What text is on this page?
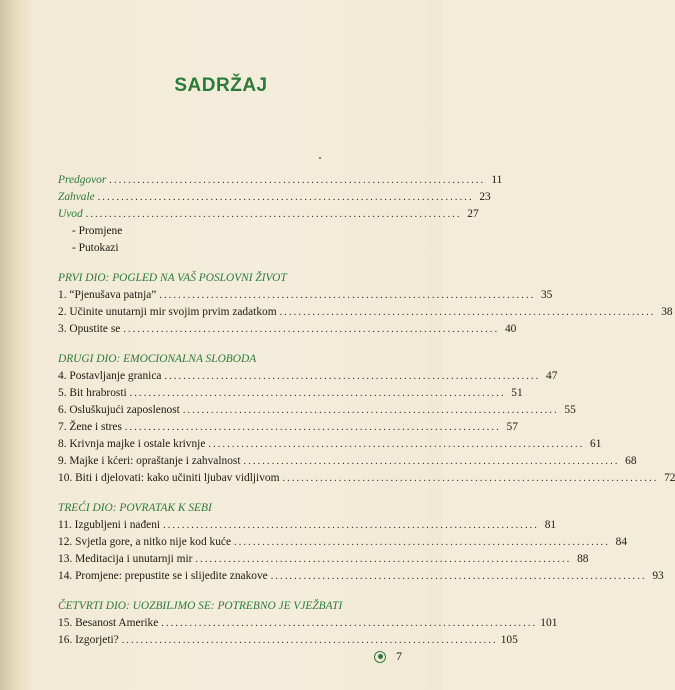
SADRŽAJ
Predgovor ................................................................................ 11
Zahvale ................................................................................ 23
Uvod ................................................................................ 27
- Promjene
- Putokazi
PRVI DIO: POGLED NA VAŠ POSLOVNI ŽIVOT
1. “Pjenušava patnja” ................................................................................ 35
2. Učinite unutarnji mir svojim prvim zadatkom ................................................................................ 38
3. Opustite se ................................................................................ 40
DRUGI DIO: EMOCIONALNA SLOBODA
4. Postavljanje granica ................................................................................ 47
5. Bit hrabrosti ................................................................................ 51
6. Osluškujući zaposlenost ................................................................................ 55
7. Žene i stres ................................................................................ 57
8. Krivnja majke i ostale krivnje ................................................................................ 61
9. Majke i kćeri: opraštanje i zahvalnost ................................................................................ 68
10. Biti i djelovati: kako učiniti ljubav vidljivom ................................................................................ 72
TREĆI DIO: POVRATAK K SEBI
11. Izgubljeni i nađeni ................................................................................ 81
12. Svjetla gore, a nitko nije kod kuće ................................................................................ 84
13. Meditacija i unutarnji mir ................................................................................ 88
14. Promjene: prepustite se i slijedite znakove ................................................................................ 93
ČETVRTI DIO: UOZBILJMO SE: POTREBNO JE VJEŽBATI
15. Besanost Amerike ................................................................................ 101
16. Izgorjeti? ................................................................................ 105
7
